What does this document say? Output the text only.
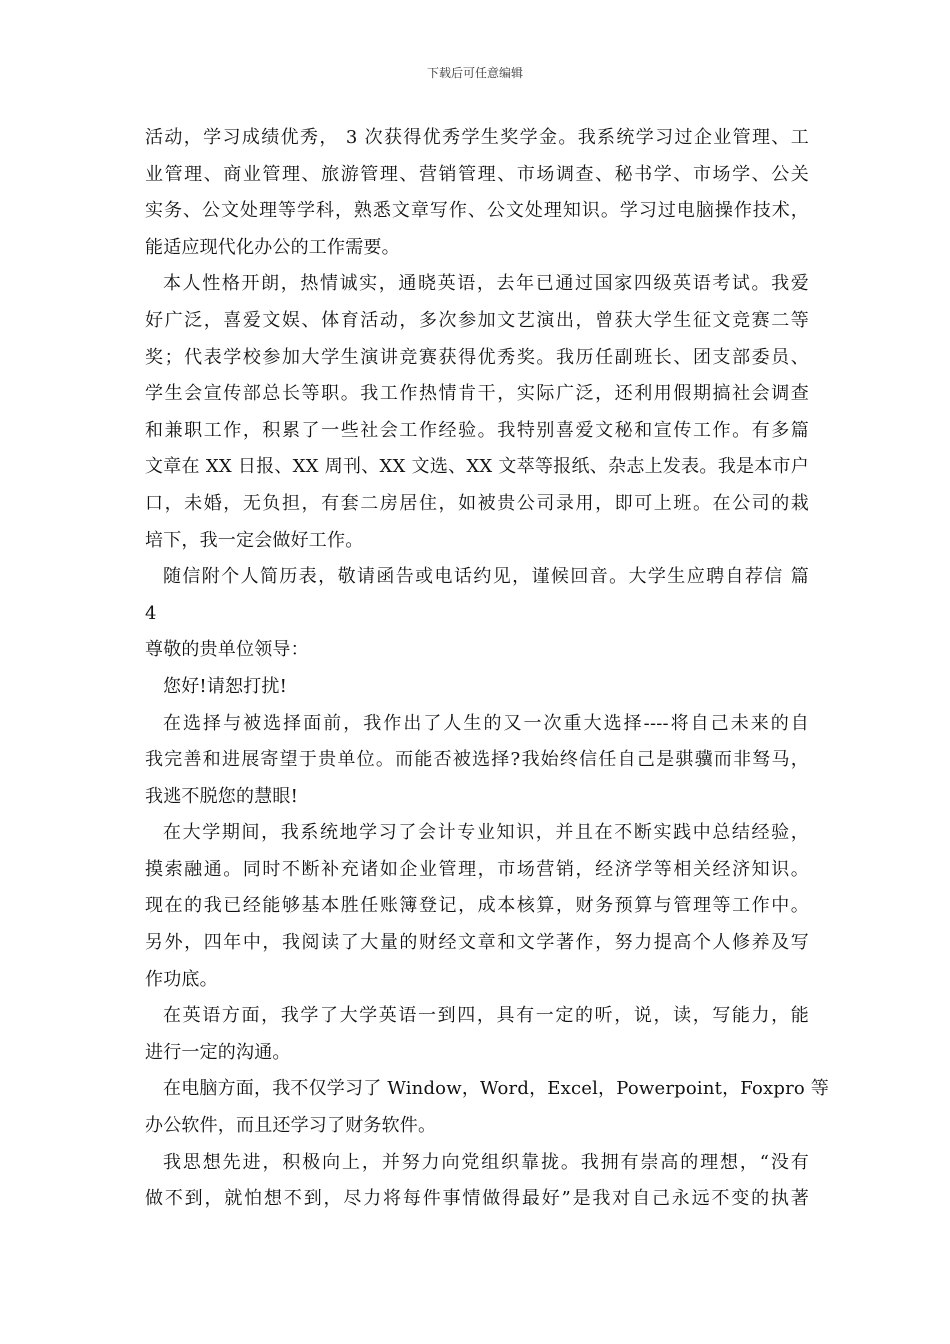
下载后可任意编辑
活动，学习成绩优秀， 3 次获得优秀学生奖学金。我系统学习过企业管理、工
业管理、商业管理、旅游管理、营销管理、市场调查、秘书学、市场学、公关
实务、公文处理等学科，熟悉文章写作、公文处理知识。学习过电脑操作技术，
能适应现代化办公的工作需要。
本人性格开朗，热情诚实，通晓英语，去年已通过国家四级英语考试。我爱
好广泛，喜爱文娱、体育活动，多次参加文艺演出，曾获大学生征文竞赛二等
奖；代表学校参加大学生演讲竞赛获得优秀奖。我历任副班长、团支部委员、
学生会宣传部总长等职。我工作热情肯干，实际广泛，还利用假期搞社会调查
和兼职工作，积累了一些社会工作经验。我特别喜爱文秘和宣传工作。有多篇
文章在 XX 日报、XX 周刊、XX 文选、XX 文萃等报纸、杂志上发表。我是本市户
口，未婚，无负担，有套二房居住，如被贵公司录用，即可上班。在公司的栽
培下，我一定会做好工作。
随信附个人简历表，敬请函告或电话约见，谨候回音。大学生应聘自荐信 篇
4
尊敬的贵单位领导：
您好!请恕打扰!
在选择与被选择面前，我作出了人生的又一次重大选择----将自己未来的自
我完善和进展寄望于贵单位。而能否被选择?我始终信任自己是骐骥而非驽马，
我逃不脱您的慧眼!
在大学期间，我系统地学习了会计专业知识，并且在不断实践中总结经验，
摸索融通。同时不断补充诸如企业管理，市场营销，经济学等相关经济知识。
现在的我已经能够基本胜任账簿登记，成本核算，财务预算与管理等工作中。
另外，四年中，我阅读了大量的财经文章和文学著作，努力提高个人修养及写
作功底。
在英语方面，我学了大学英语一到四，具有一定的听，说，读，写能力，能
进行一定的沟通。
在电脑方面，我不仅学习了 Window，Word，Excel，Powerpoint，Foxpro 等
办公软件，而且还学习了财务软件。
我思想先进，积极向上，并努力向党组织靠拢。我拥有崇高的理想，“没有
做不到，就怕想不到，尽力将每件事情做得最好”是我对自己永远不变的执著
